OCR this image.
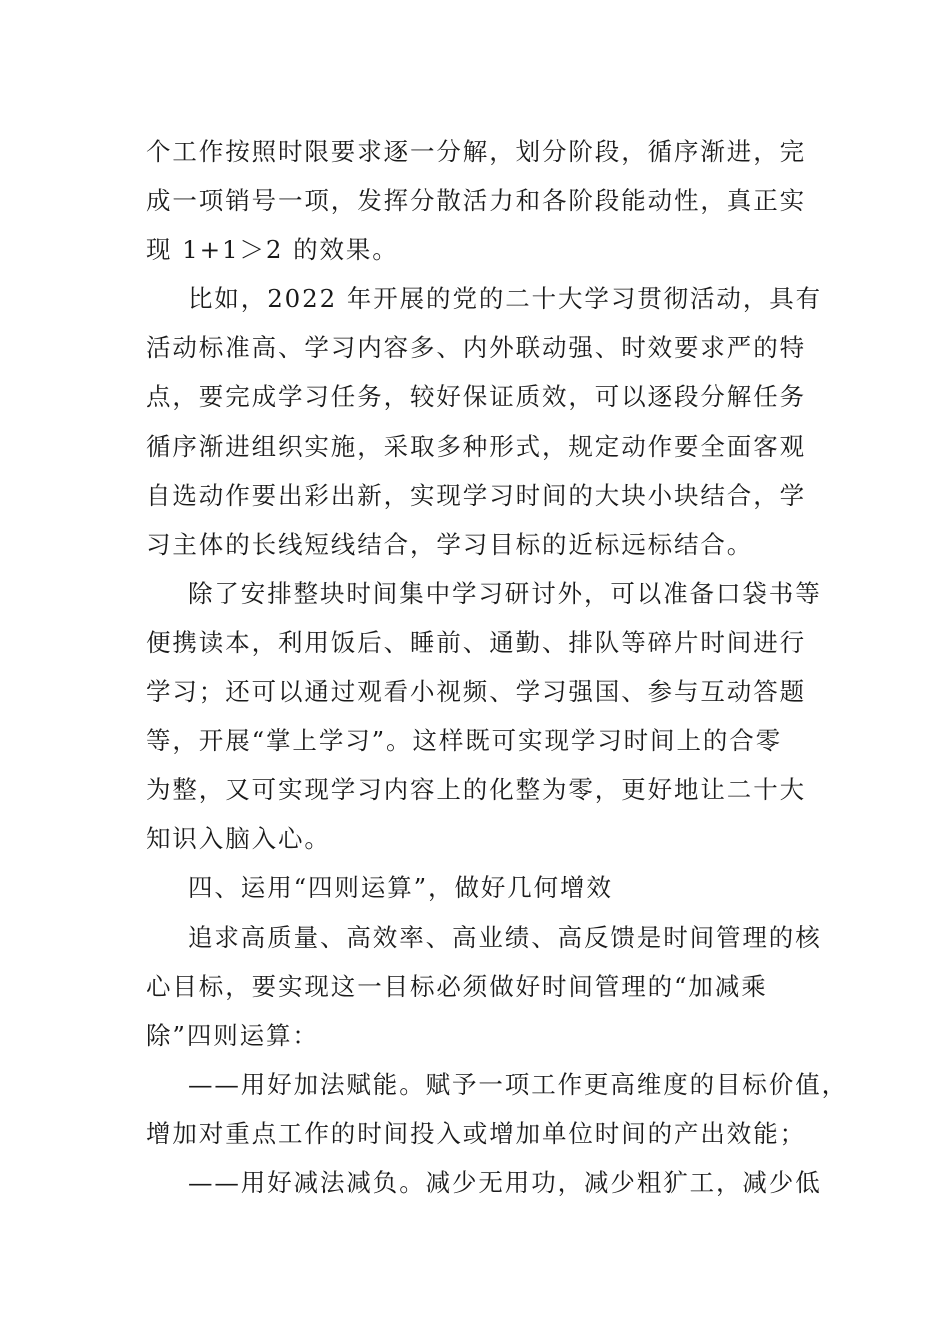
个工作按照时限要求逐一分解，划分阶段，循序渐进，完
成一项销号一项，发挥分散活力和各阶段能动性，真正实
现 1+1＞2 的效果。
比如，2022 年开展的党的二十大学习贯彻活动，具有
活动标准高、学习内容多、内外联动强、时效要求严的特
点，要完成学习任务，较好保证质效，可以逐段分解任务
循序渐进组织实施，采取多种形式，规定动作要全面客观
自选动作要出彩出新，实现学习时间的大块小块结合，学
习主体的长线短线结合，学习目标的近标远标结合。
除了安排整块时间集中学习研讨外，可以准备口袋书等
便携读本，利用饭后、睡前、通勤、排队等碎片时间进行
学习；还可以通过观看小视频、学习强国、参与互动答题
等，开展“掌上学习”。这样既可实现学习时间上的合零
为整，又可实现学习内容上的化整为零，更好地让二十大
知识入脑入心。
四、运用“四则运算”，做好几何增效
追求高质量、高效率、高业绩、高反馈是时间管理的核
心目标，要实现这一目标必须做好时间管理的“加减乘
除”四则运算：
——用好加法赋能。赋予一项工作更高维度的目标价值，
增加对重点工作的时间投入或增加单位时间的产出效能；
——用好减法减负。减少无用功，减少粗犷工，减少低
